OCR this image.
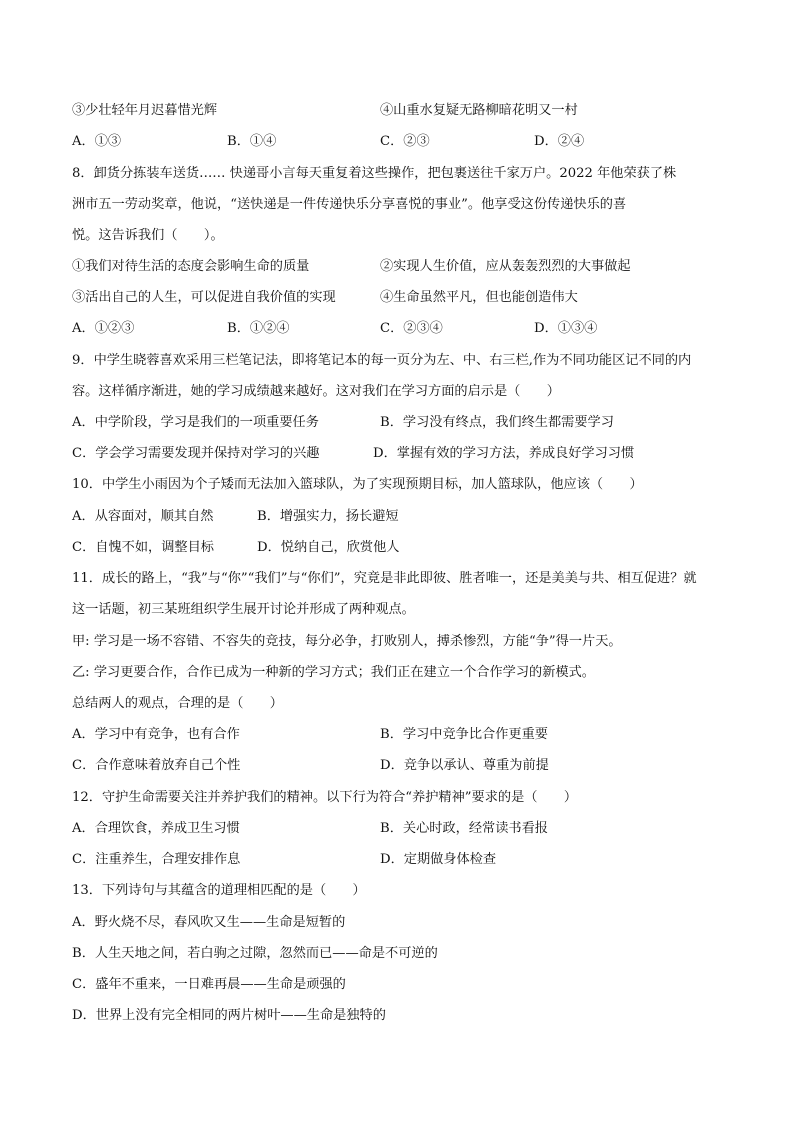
③少壮轻年月迟暮惜光辉	④山重水复疑无路柳暗花明又一村
A．①③	B．①④	C．②③	D．②④
8．卸货分拣装车送货…… 快递哥小言每天重复着这些操作，把包裹送往千家万户。2022 年他荣获了株
洲市五一劳动奖章，他说，“送快递是一件传递快乐分享喜悦的事业”。他享受这份传递快乐的喜
悦。这告诉我们（　　）。
①我们对待生活的态度会影响生命的质量	②实现人生价值，应从轰轰烈烈的大事做起
③活出自己的人生，可以促进自我价值的实现	④生命虽然平凡，但也能创造伟大
A．①②③	B．①②④	C．②③④	D．①③④
9．中学生晓蓉喜欢采用三栏笔记法，即将笔记本的每一页分为左、中、右三栏,作为不同功能区记不同的内
容。这样循序渐进，她的学习成绩越来越好。这对我们在学习方面的启示是（　　）
A．中学阶段，学习是我们的一项重要任务	B．学习没有终点，我们终生都需要学习
C．学会学习需要发现并保持对学习的兴趣	D．掌握有效的学习方法，养成良好学习习惯
10．中学生小雨因为个子矮而无法加入篮球队，为了实现预期目标，加人篮球队，他应该（　　）
A．从容面对，顺其自然	B．增强实力，扬长避短
C．自愧不如，调整目标	D．悦纳自己，欣赏他人
11．成长的路上，“我”与“你”“我们”与“你们”，究竟是非此即彼、胜者唯一，还是美美与共、相互促进？就
这一话题，初三某班组织学生展开讨论并形成了两种观点。
甲: 学习是一场不容错、不容失的竞技，每分必争，打败别人，搏杀惨烈，方能“争”得一片天。
乙: 学习更要合作，合作已成为一种新的学习方式；我们正在建立一个合作学习的新模式。
总结两人的观点，合理的是（　　）
A．学习中有竞争，也有合作	B．学习中竞争比合作更重要
C．合作意味着放弃自己个性	D．竞争以承认、尊重为前提
12．守护生命需要关注并养护我们的精神。以下行为符合“养护精神”要求的是（　　）
A．合理饮食，养成卫生习惯	B．关心时政，经常读书看报
C．注重养生，合理安排作息	D．定期做身体检查
13．下列诗句与其蕴含的道理相匹配的是（　　）
A．野火烧不尽，春风吹又生——生命是短暂的
B．人生天地之间，若白驹之过隙，忽然而已——命是不可逆的
C．盛年不重来，一日难再晨——生命是顽强的
D．世界上没有完全相同的两片树叶——生命是独特的
